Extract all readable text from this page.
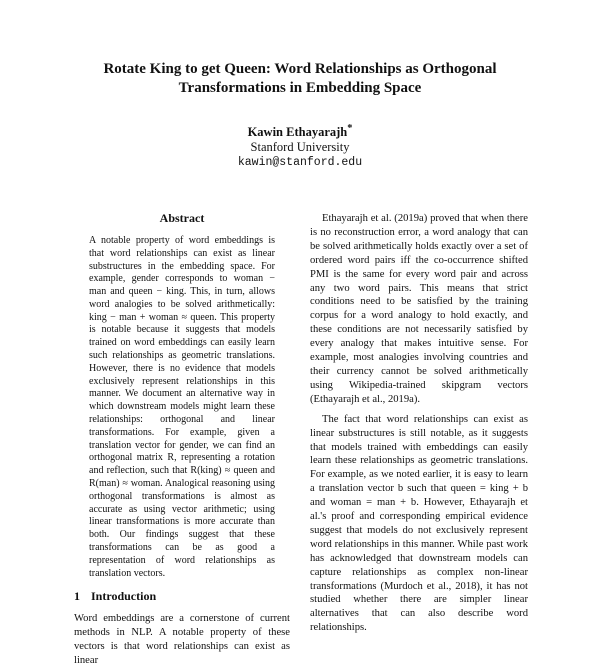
Rotate King to get Queen: Word Relationships as Orthogonal
Transformations in Embedding Space
Kawin Ethayarajh*
Stanford University
kawin@stanford.edu
Abstract

A notable property of word embeddings is that word relationships can exist as linear substructures in the embedding space. For example, gender corresponds to woman − man and queen − king. This, in turn, allows word analogies to be solved arithmetically: king − man + woman ≈ queen. This property is notable because it suggests that models trained on word embeddings can easily learn such relationships as geometric translations. However, there is no evidence that models exclusively represent relationships in this manner. We document an alternative way in which downstream models might learn these relationships: orthogonal and linear transformations. For example, given a translation vector for gender, we can find an orthogonal matrix R, representing a rotation and reflection, such that R(king) ≈ queen and R(man) ≈ woman. Analogical reasoning using orthogonal transformations is almost as accurate as using vector arithmetic; using linear transformations is more accurate than both. Our findings suggest that these transformations can be as good a representation of word relationships as translation vectors.

1 Introduction

Word embeddings are a cornerstone of current methods in NLP. A notable property of these vectors is that word relationships can exist as linear

Ethayarajh et al. (2019a) proved that when there is no reconstruction error, a word analogy that can be solved arithmetically holds exactly over a set of ordered word pairs iff the co-occurrence shifted PMI is the same for every word pair and across any two word pairs. This means that strict conditions need to be satisfied by the training corpus for a word analogy to hold exactly, and these conditions are not necessarily satisfied by every analogy that makes intuitive sense. For example, most analogies involving countries and their currency cannot be solved arithmetically using Wikipedia-trained skipgram vectors (Ethayarajh et al., 2019a).

The fact that word relationships can exist as linear substructures is still notable, as it suggests that models trained with embeddings can easily learn these relationships as geometric translations. For example, as we noted earlier, it is easy to learn a translation vector b such that queen = king + b and woman = man + b. However, Ethayarajh et al.'s proof and corresponding empirical evidence suggest that models do not exclusively represent word relationships in this manner. While past work has acknowledged that downstream models can capture relationships as complex non-linear transformations (Murdoch et al., 2018), it has not studied whether there are simpler linear alternatives that can also describe word relationships.
